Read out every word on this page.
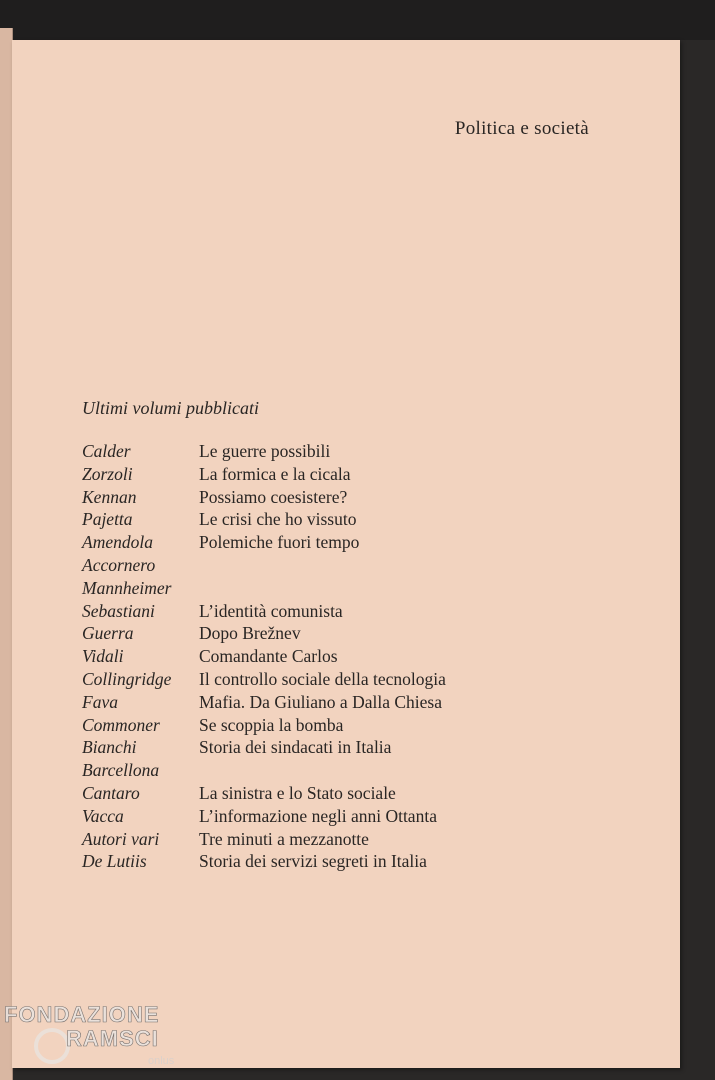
Politica e società
Ultimi volumi pubblicati
Calder	Le guerre possibili
Zorzoli	La formica e la cicala
Kennan	Possiamo coesistere?
Pajetta	Le crisi che ho vissuto
Amendola	Polemiche fuori tempo
Accornero
Mannheimer
Sebastiani	L’identità comunista
Guerra	Dopo Brežnev
Vidali	Comandante Carlos
Collingridge Il controllo sociale della tecnologia
Fava	Mafia. Da Giuliano a Dalla Chiesa
Commoner Se scoppia la bomba
Bianchi	Storia dei sindacati in Italia
Barcellona
Cantaro	La sinistra e lo Stato sociale
Vacca	L’informazione negli anni Ottanta
Autori vari Tre minuti a mezzanotte
De Lutiis	Storia dei servizi segreti in Italia
FONDAZIONE
RAMSCI
onlus
